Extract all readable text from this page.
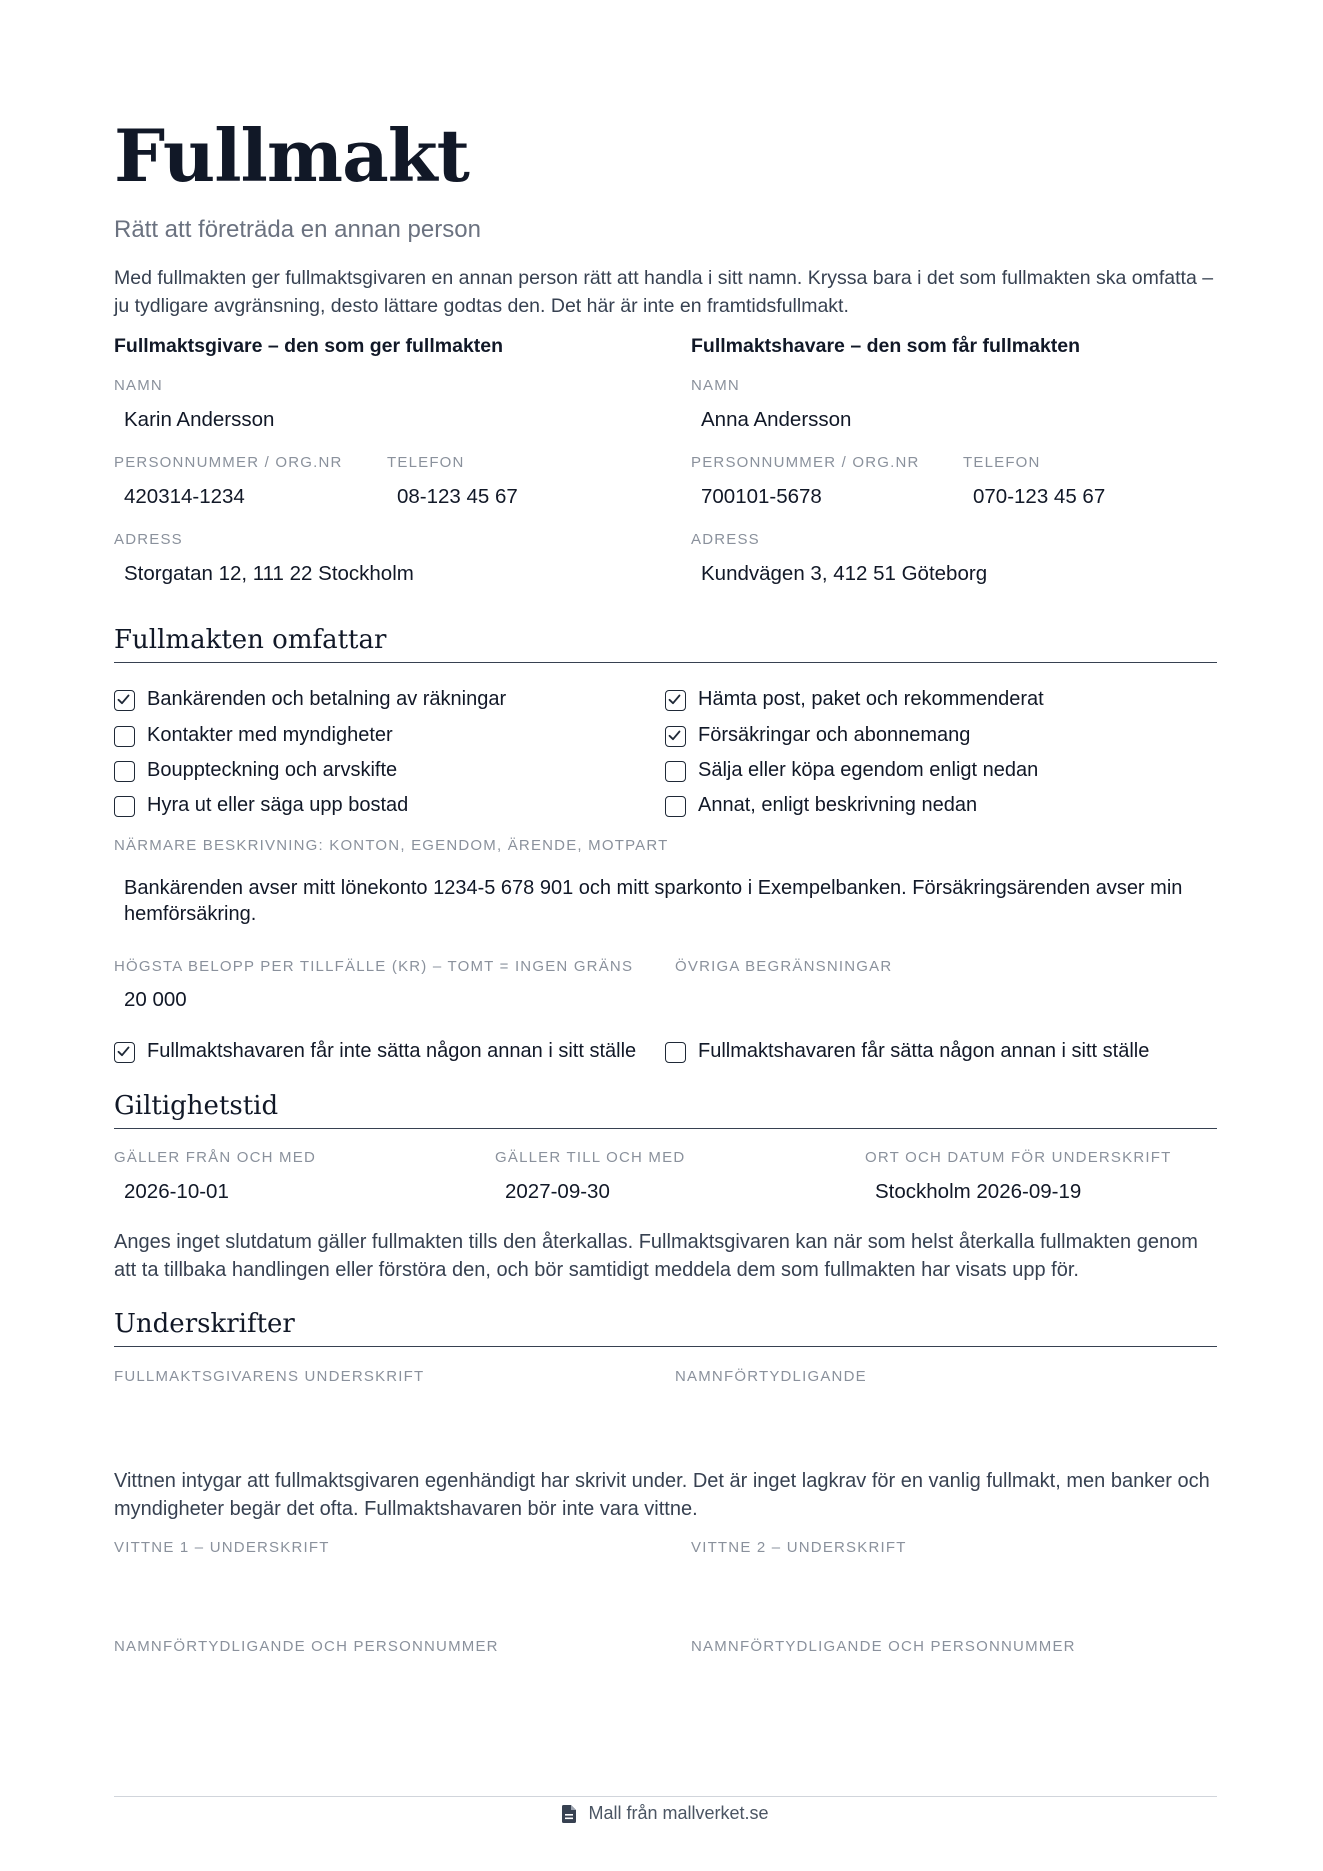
Fullmakt
Rätt att företräda en annan person
Med fullmakten ger fullmaktsgivaren en annan person rätt att handla i sitt namn. Kryssa bara i det som fullmakten ska omfatta – ju tydligare avgränsning, desto lättare godtas den. Det här är inte en framtidsfullmakt.
Fullmaktsgivare – den som ger fullmakten
NAMN
Karin Andersson
PERSONNUMMER / ORG.NR
420314-1234
TELEFON
08-123 45 67
ADRESS
Storgatan 12, 111 22 Stockholm
Fullmaktshavare – den som får fullmakten
NAMN
Anna Andersson
PERSONNUMMER / ORG.NR
700101-5678
TELEFON
070-123 45 67
ADRESS
Kundvägen 3, 412 51 Göteborg
Fullmakten omfattar
Bankärenden och betalning av räkningar	Hämta post, paket och rekommenderat
Kontakter med myndigheter	Försäkringar och abonnemang
Bouppteckning och arvskifte	Sälja eller köpa egendom enligt nedan
Hyra ut eller säga upp bostad	Annat, enligt beskrivning nedan
NÄRMARE BESKRIVNING: KONTON, EGENDOM, ÄRENDE, MOTPART
Bankärenden avser mitt lönekonto 1234-5 678 901 och mitt sparkonto i Exempelbanken. Försäkringsärenden avser min hemförsäkring.
HÖGSTA BELOPP PER TILLFÄLLE (KR) – TOMT = INGEN GRÄNS
20 000
ÖVRIGA BEGRÄNSNINGAR
Fullmaktshavaren får inte sätta någon annan i sitt ställe	Fullmaktshavaren får sätta någon annan i sitt ställe
Giltighetstid
GÄLLER FRÅN OCH MED
2026-10-01
GÄLLER TILL OCH MED
2027-09-30
ORT OCH DATUM FÖR UNDERSKRIFT
Stockholm 2026-09-19
Anges inget slutdatum gäller fullmakten tills den återkallas. Fullmaktsgivaren kan när som helst återkalla fullmakten genom att ta tillbaka handlingen eller förstöra den, och bör samtidigt meddela dem som fullmakten har visats upp för.
Underskrifter
FULLMAKTSGIVARENS UNDERSKRIFT	NAMNFÖRTYDLIGANDE
Vittnen intygar att fullmaktsgivaren egenhändigt har skrivit under. Det är inget lagkrav för en vanlig fullmakt, men banker och myndigheter begär det ofta. Fullmaktshavaren bör inte vara vittne.
VITTNE 1 – UNDERSKRIFT	VITTNE 2 – UNDERSKRIFT
NAMNFÖRTYDLIGANDE OCH PERSONNUMMER	NAMNFÖRTYDLIGANDE OCH PERSONNUMMER
Mall från mallverket.se
